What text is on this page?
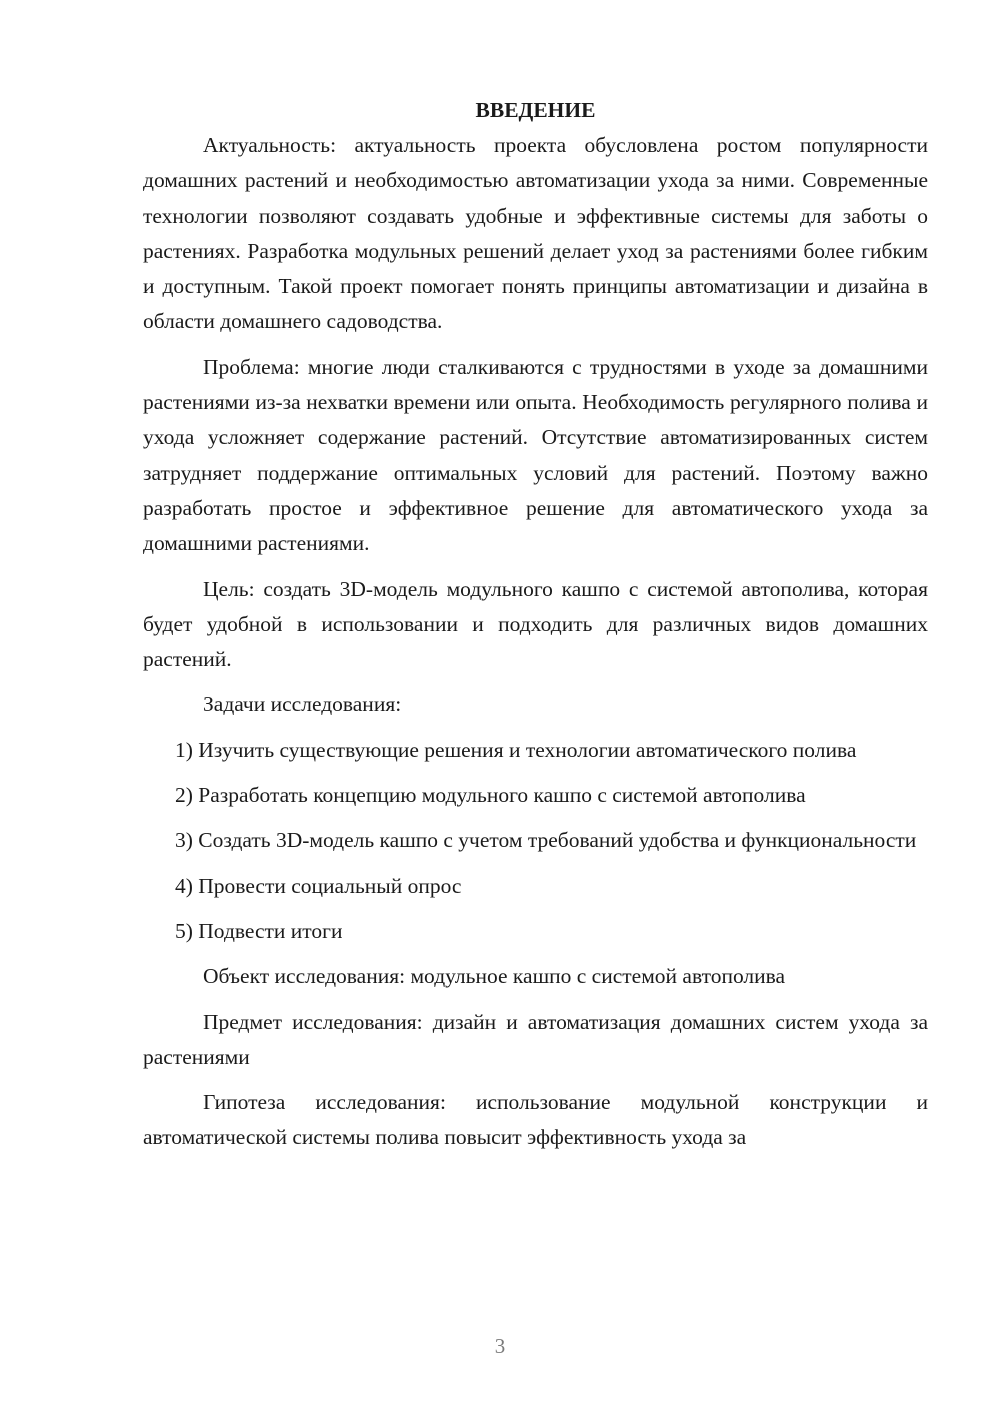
ВВЕДЕНИЕ
Актуальность: актуальность проекта обусловлена ростом популярности домашних растений и необходимостью автоматизации ухода за ними. Современные технологии позволяют создавать удобные и эффективные системы для заботы о растениях. Разработка модульных решений делает уход за растениями более гибким и доступным. Такой проект помогает понять принципы автоматизации и дизайна в области домашнего садоводства.
Проблема: многие люди сталкиваются с трудностями в уходе за домашними растениями из-за нехватки времени или опыта. Необходимость регулярного полива и ухода усложняет содержание растений. Отсутствие автоматизированных систем затрудняет поддержание оптимальных условий для растений. Поэтому важно разработать простое и эффективное решение для автоматического ухода за домашними растениями.
Цель: создать 3D-модель модульного кашпо с системой автополива, которая будет удобной в использовании и подходить для различных видов домашних растений.
Задачи исследования:
1) Изучить существующие решения и технологии автоматического полива
2) Разработать концепцию модульного кашпо с системой автополива
3) Создать 3D-модель кашпо с учетом требований удобства и функциональности
4) Провести социальный опрос
5) Подвести итоги
Объект исследования: модульное кашпо с системой автополива
Предмет исследования: дизайн и автоматизация домашних систем ухода за растениями
Гипотеза исследования: использование модульной конструкции и автоматической системы полива повысит эффективность ухода за
3
